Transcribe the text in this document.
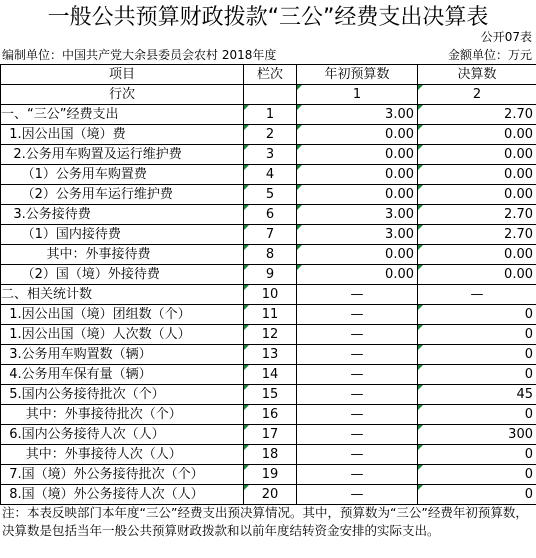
一般公共预算财政拨款“三公”经费支出决算表
公开07表
编制单位：中国共产党大余县委员会农村 2018年度	金额单位：万元
项目	栏次	年初预算数	决算数
行次		1	2
一、“三公”经费支出	1	3.00	2.70
1.因公出国（境）费	2	0.00	0.00
2.公务用车购置及运行维护费	3	0.00	0.00
（1）公务用车购置费	4	0.00	0.00
（2）公务用车运行维护费	5	0.00	0.00
3.公务接待费	6	3.00	2.70
（1）国内接待费	7	3.00	2.70
其中：外事接待费	8	0.00	0.00
（2）国（境）外接待费	9	0.00	0.00
二、相关统计数	10	—	—
1.因公出国（境）团组数（个）	11	—	0
1.因公出国（境）人次数（人）	12	—	0
3.公务用车购置数（辆）	13	—	0
4.公务用车保有量（辆）	14	—	0
5.国内公务接待批次（个）	15	—	45
其中：外事接待批次（个）	16	—	0
6.国内公务接待人次（人）	17	—	300
其中：外事接待人次（人）	18	—	0
7.国（境）外公务接待批次（个）	19	—	0
8.国（境）外公务接待人次（人）	20	—	0
注：本表反映部门本年度“三公”经费支出预决算情况。其中，预算数为“三公”经费年初预算数，决算数是包括当年一般公共预算财政拨款和以前年度结转资金安排的实际支出。
